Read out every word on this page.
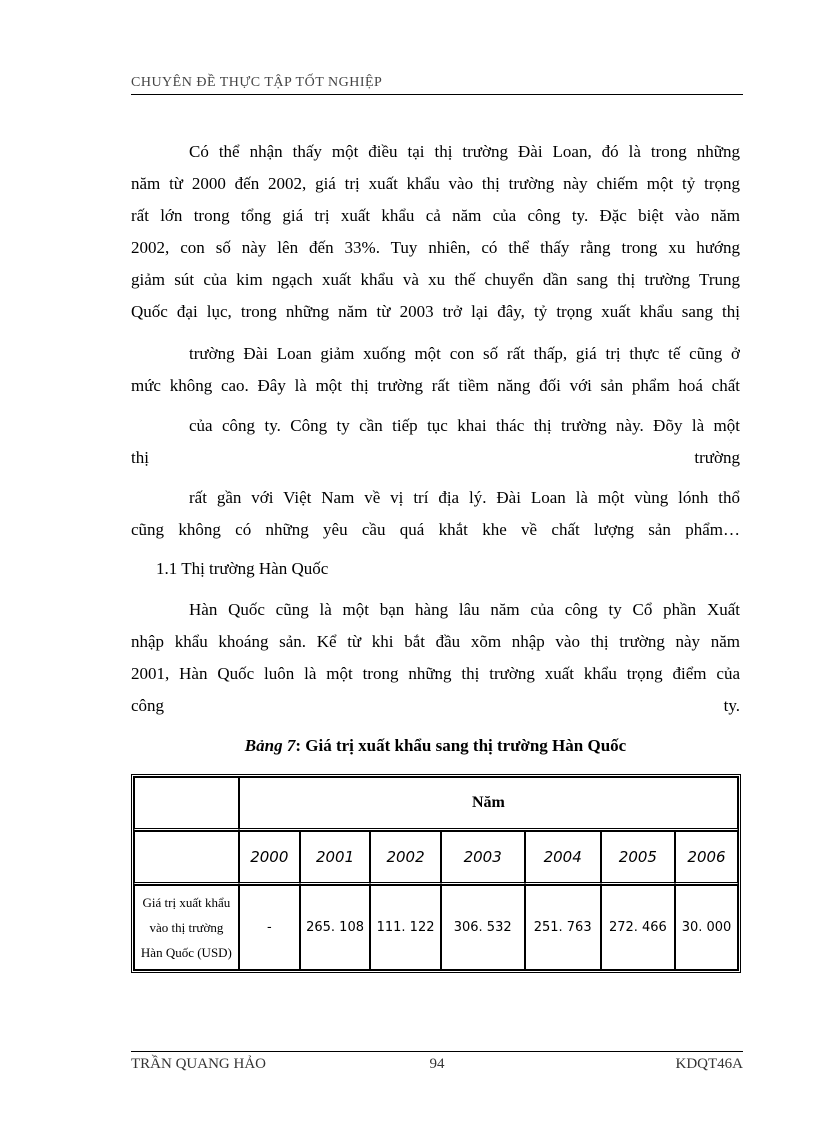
CHUYÊN ĐỀ THỰC TẬP TỐT NGHIỆP
Có thể nhận thấy một điều tại thị trường Đài Loan, đó là trong những
năm từ 2000 đến 2002, giá trị xuất khẩu vào thị trường này chiếm một tỷ trọng
rất lớn trong tổng giá trị xuất khẩu cả năm của công ty. Đặc biệt vào năm
2002, con số này lên đến 33%. Tuy nhiên, có thể thấy rằng trong xu hướng
giảm sút của kim ngạch xuất khẩu và xu thế chuyển dần sang thị trường Trung
Quốc đại lục, trong những năm từ 2003 trở lại đây, tỷ trọng xuất khẩu sang thị
trường Đài Loan giảm xuống một con số rất thấp, giá trị thực tế cũng ở
mức không cao. Đây là một thị trường rất tiềm năng đối với sản phẩm hoá chất
của công ty. Công ty cần tiếp tục khai thác thị trường này. Đõy là một
thị trường
rất gần với Việt Nam về vị trí địa lý. Đài Loan là một vùng lónh thổ
cũng không có những yêu cầu quá khắt khe về chất lượng sản phẩm…
1.1 Thị trường Hàn Quốc
Hàn Quốc cũng là một bạn hàng lâu năm của công ty Cổ phần Xuất
nhập khẩu khoáng sản. Kể từ khi bắt đầu xõm nhập vào thị trường này năm
2001, Hàn Quốc luôn là một trong những thị trường xuất khẩu trọng điểm của
công ty.
Bảng 7: Giá trị xuất khẩu sang thị trường Hàn Quốc
	Năm						
	2000	2001	2002	2003	2004	2005	2006
Giá trị xuất khẩu vào thị trường Hàn Quốc (USD)	-	265. 108	111. 122	306. 532	251. 763	272. 466	30. 000
TRẦN QUANG HẢO	94	KDQT46A
